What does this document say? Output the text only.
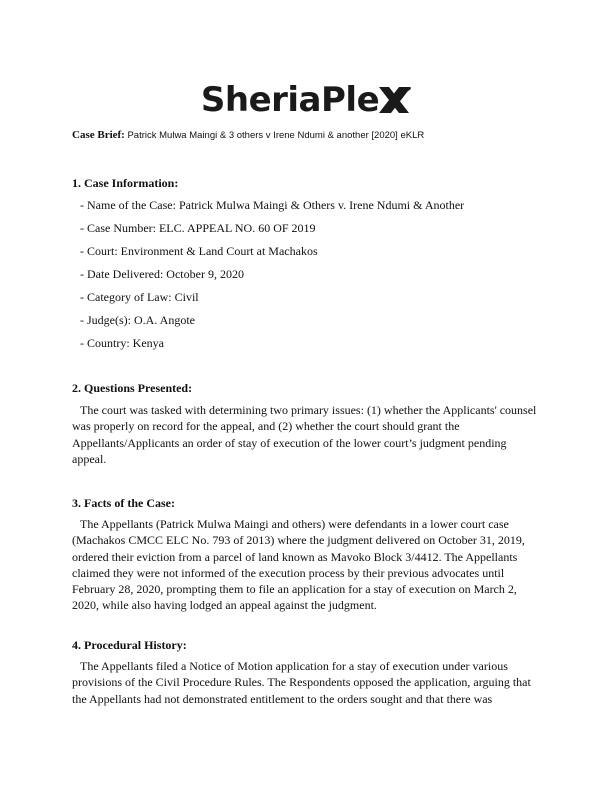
SheriaPle
Case Brief: Patrick Mulwa Maingi & 3 others v Irene Ndumi & another [2020] eKLR
1. Case Information:
- Name of the Case: Patrick Mulwa Maingi & Others v. Irene Ndumi & Another
- Case Number: ELC. APPEAL NO. 60 OF 2019
- Court: Environment & Land Court at Machakos
- Date Delivered: October 9, 2020
- Category of Law: Civil
- Judge(s): O.A. Angote
- Country: Kenya
2. Questions Presented:
The court was tasked with determining two primary issues: (1) whether the Applicants' counsel was properly on record for the appeal, and (2) whether the court should grant the Appellants/Applicants an order of stay of execution of the lower court’s judgment pending appeal.
3. Facts of the Case:
The Appellants (Patrick Mulwa Maingi and others) were defendants in a lower court case (Machakos CMCC ELC No. 793 of 2013) where the judgment delivered on October 31, 2019, ordered their eviction from a parcel of land known as Mavoko Block 3/4412. The Appellants claimed they were not informed of the execution process by their previous advocates until February 28, 2020, prompting them to file an application for a stay of execution on March 2, 2020, while also having lodged an appeal against the judgment.
4. Procedural History:
The Appellants filed a Notice of Motion application for a stay of execution under various provisions of the Civil Procedure Rules. The Respondents opposed the application, arguing that the Appellants had not demonstrated entitlement to the orders sought and that there was
